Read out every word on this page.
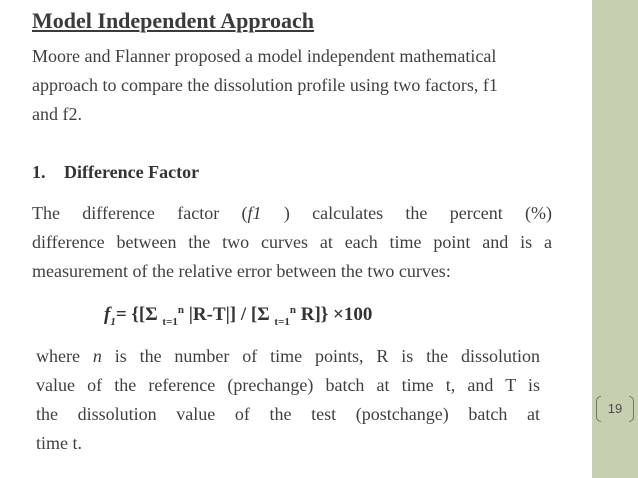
19
Model Independent Approach
Moore and Flanner proposed a model independent mathematical
approach to compare the dissolution profile using two factors, f1
and f2.
1. Difference Factor
The difference factor (f1 ) calculates the percent (%)
difference between the two curves at each time point and is a
measurement of the relative error between the two curves:
$f_1= \{[\Sigma$ $_{t=1}^n$ |R-T|] / [Σ $_{t=1}^n$ R]} ×100
where n is the number of time points, R is the dissolution
value of the reference (prechange) batch at time t, and T is
the dissolution value of the test (postchange) batch at
time t.
